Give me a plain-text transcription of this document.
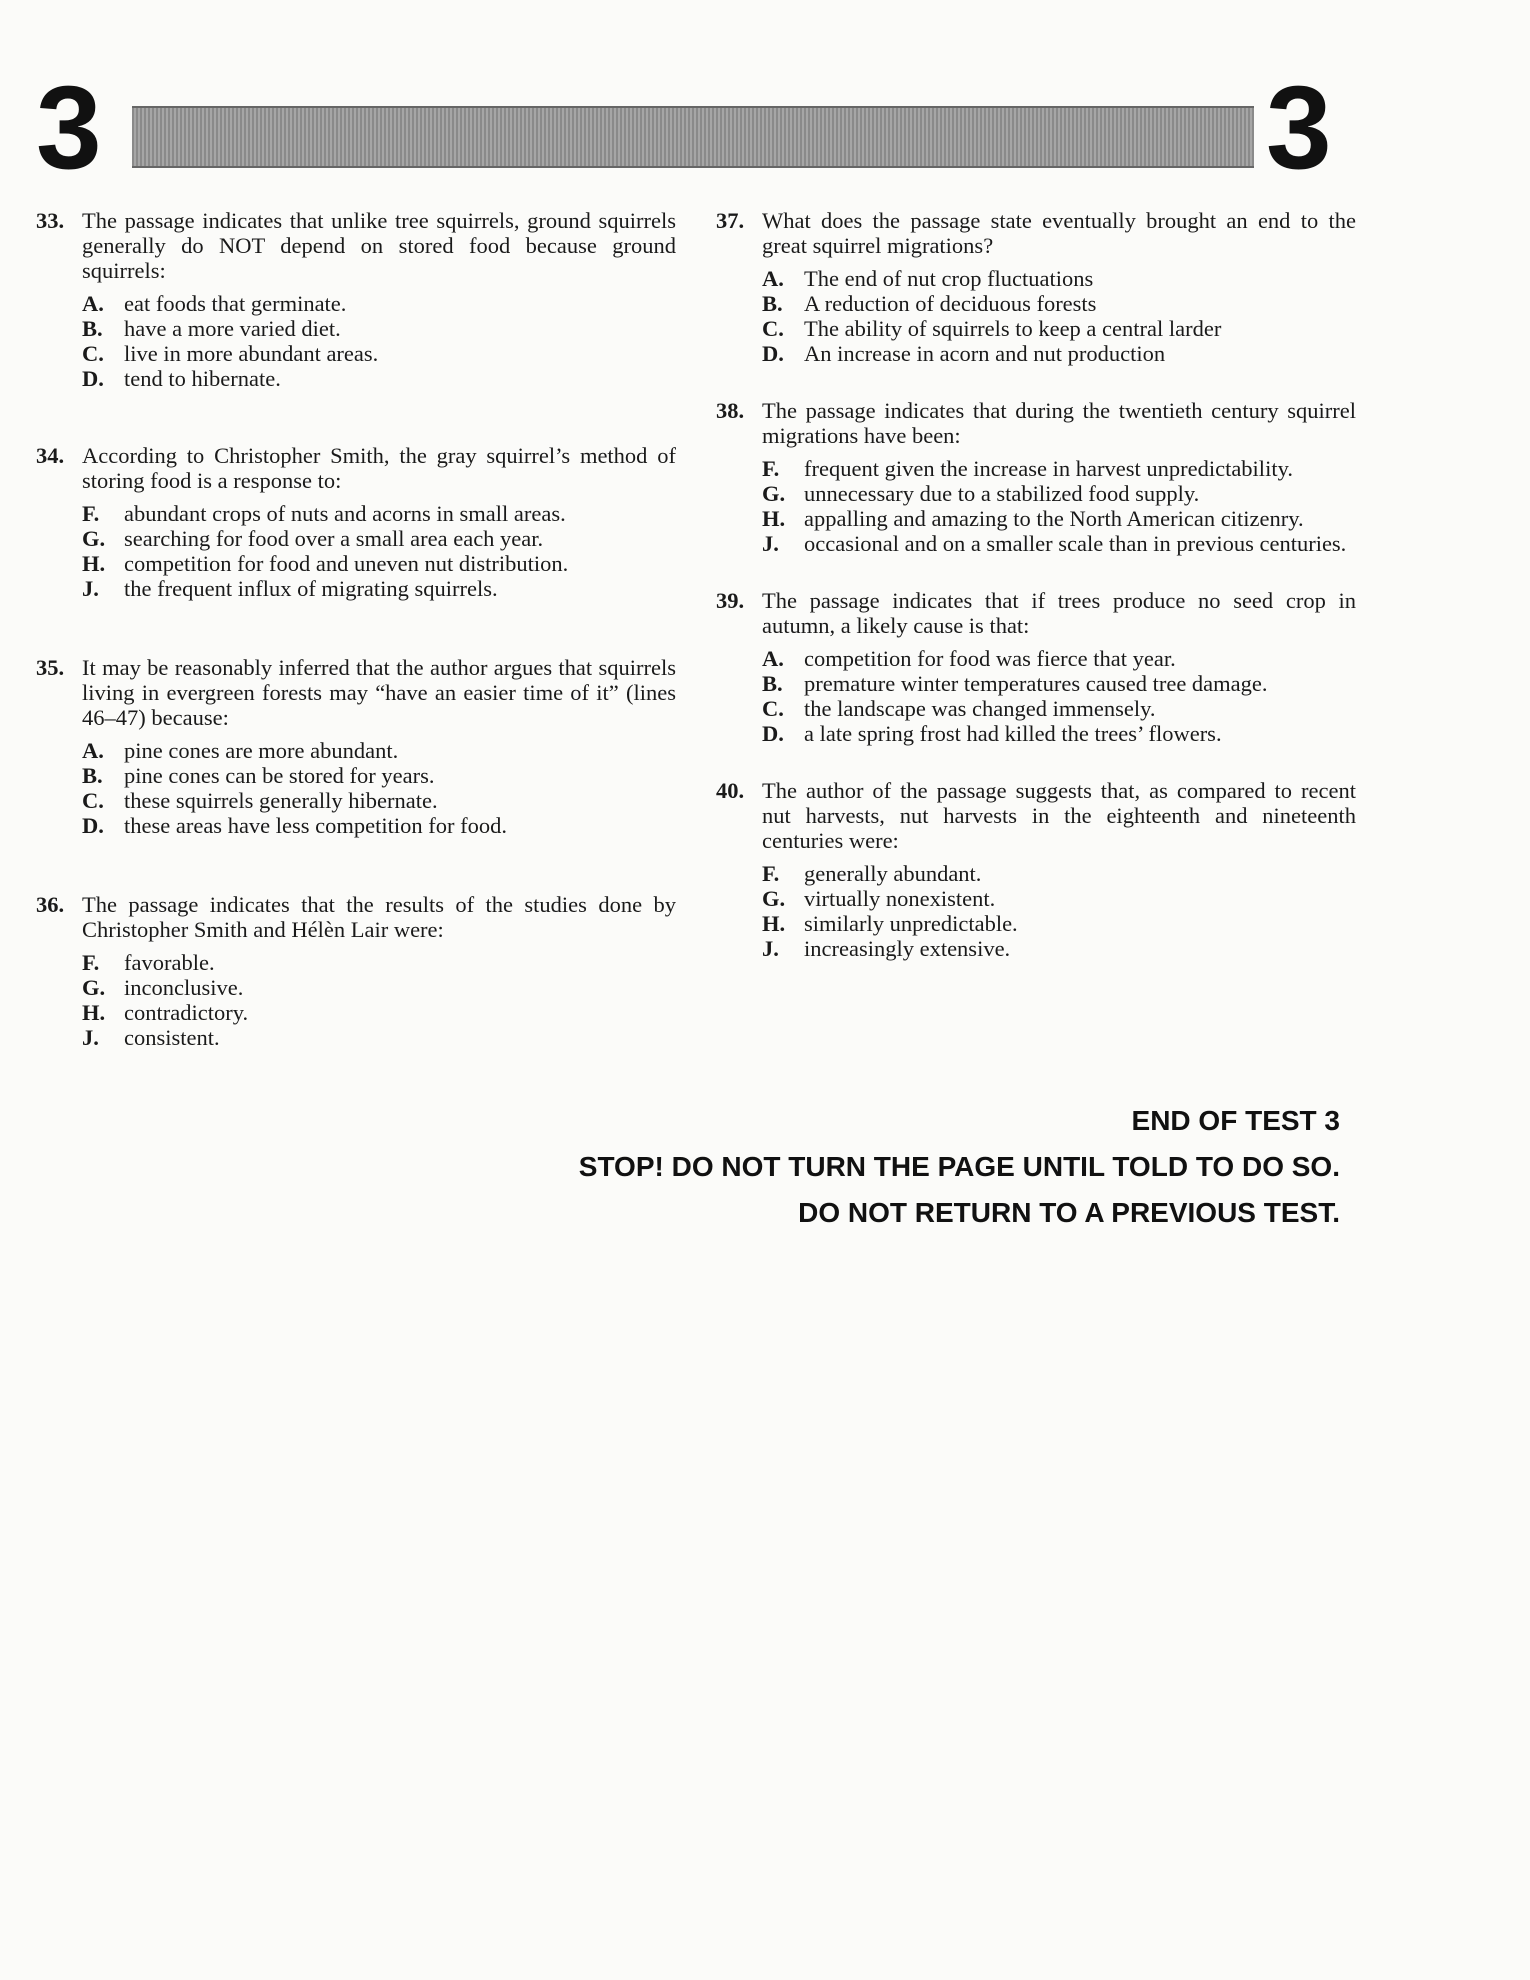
3	3
33. The passage indicates that unlike tree squirrels, ground squirrels generally do NOT depend on stored food because ground squirrels:
A. eat foods that germinate.
B. have a more varied diet.
C. live in more abundant areas.
D. tend to hibernate.
34. According to Christopher Smith, the gray squirrel’s method of storing food is a response to:
F. abundant crops of nuts and acorns in small areas.
G. searching for food over a small area each year.
H. competition for food and uneven nut distribution.
J. the frequent influx of migrating squirrels.
35. It may be reasonably inferred that the author argues that squirrels living in evergreen forests may “have an easier time of it” (lines 46–47) because:
A. pine cones are more abundant.
B. pine cones can be stored for years.
C. these squirrels generally hibernate.
D. these areas have less competition for food.
36. The passage indicates that the results of the studies done by Christopher Smith and Hélèn Lair were:
F. favorable.
G. inconclusive.
H. contradictory.
J. consistent.
37. What does the passage state eventually brought an end to the great squirrel migrations?
A. The end of nut crop fluctuations
B. A reduction of deciduous forests
C. The ability of squirrels to keep a central larder
D. An increase in acorn and nut production
38. The passage indicates that during the twentieth century squirrel migrations have been:
F. frequent given the increase in harvest unpredictability.
G. unnecessary due to a stabilized food supply.
H. appalling and amazing to the North American citizenry.
J. occasional and on a smaller scale than in previous centuries.
39. The passage indicates that if trees produce no seed crop in autumn, a likely cause is that:
A. competition for food was fierce that year.
B. premature winter temperatures caused tree damage.
C. the landscape was changed immensely.
D. a late spring frost had killed the trees’ flowers.
40. The author of the passage suggests that, as compared to recent nut harvests, nut harvests in the eighteenth and nineteenth centuries were:
F. generally abundant.
G. virtually nonexistent.
H. similarly unpredictable.
J. increasingly extensive.
END OF TEST 3
STOP! DO NOT TURN THE PAGE UNTIL TOLD TO DO SO.
DO NOT RETURN TO A PREVIOUS TEST.
